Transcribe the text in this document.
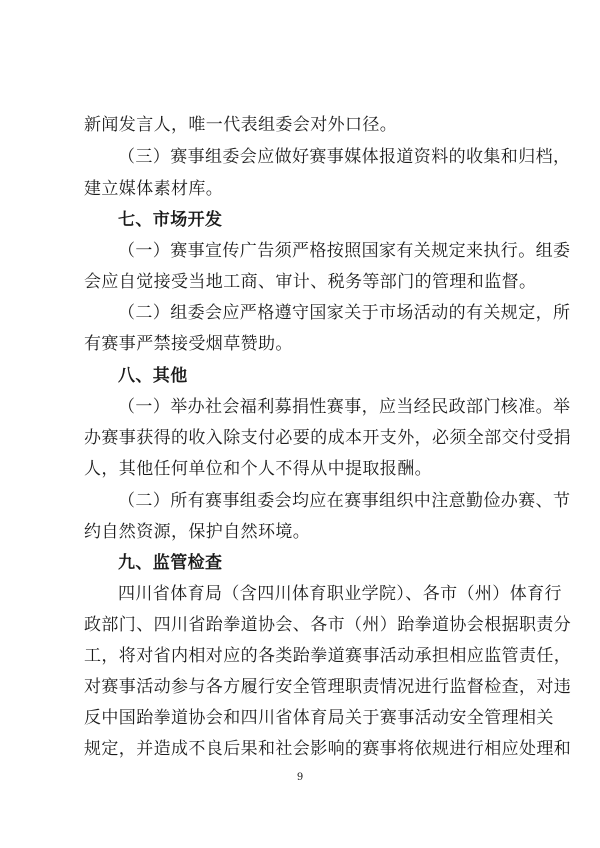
新闻发言人，唯一代表组委会对外口径。
（三）赛事组委会应做好赛事媒体报道资料的收集和归档，
建立媒体素材库。
七、市场开发
（一）赛事宣传广告须严格按照国家有关规定来执行。组委
会应自觉接受当地工商、审计、税务等部门的管理和监督。
（二）组委会应严格遵守国家关于市场活动的有关规定，所
有赛事严禁接受烟草赞助。
八、其他
（一）举办社会福利募捐性赛事，应当经民政部门核准。举
办赛事获得的收入除支付必要的成本开支外，必须全部交付受捐
人，其他任何单位和个人不得从中提取报酬。
（二）所有赛事组委会均应在赛事组织中注意勤俭办赛、节
约自然资源，保护自然环境。
九、监管检查
四川省体育局（含四川体育职业学院）、各市（州）体育行
政部门、四川省跆拳道协会、各市（州）跆拳道协会根据职责分
工，将对省内相对应的各类跆拳道赛事活动承担相应监管责任，
对赛事活动参与各方履行安全管理职责情况进行监督检查，对违
反中国跆拳道协会和四川省体育局关于赛事活动安全管理相关
规定，并造成不良后果和社会影响的赛事将依规进行相应处理和
9
